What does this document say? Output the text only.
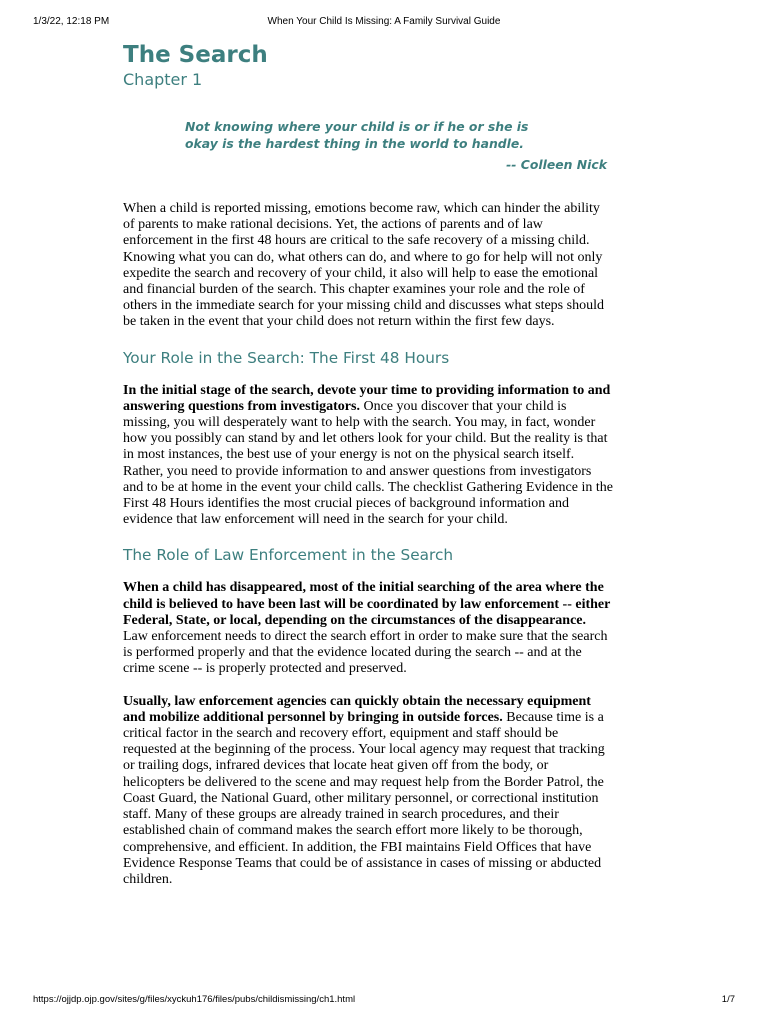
1/3/22, 12:18 PM	When Your Child Is Missing: A Family Survival Guide
The Search
Chapter 1
Not knowing where your child is or if he or she is okay is the hardest thing in the world to handle.
-- Colleen Nick

When a child is reported missing, emotions become raw, which can hinder the ability of parents to make rational decisions. Yet, the actions of parents and of law enforcement in the first 48 hours are critical to the safe recovery of a missing child. Knowing what you can do, what others can do, and where to go for help will not only expedite the search and recovery of your child, it also will help to ease the emotional and financial burden of the search. This chapter examines your role and the role of others in the immediate search for your missing child and discusses what steps should be taken in the event that your child does not return within the first few days.

Your Role in the Search: The First 48 Hours

In the initial stage of the search, devote your time to providing information to and answering questions from investigators. Once you discover that your child is missing, you will desperately want to help with the search. You may, in fact, wonder how you possibly can stand by and let others look for your child. But the reality is that in most instances, the best use of your energy is not on the physical search itself. Rather, you need to provide information to and answer questions from investigators and to be at home in the event your child calls. The checklist Gathering Evidence in the First 48 Hours identifies the most crucial pieces of background information and evidence that law enforcement will need in the search for your child.

The Role of Law Enforcement in the Search

When a child has disappeared, most of the initial searching of the area where the child is believed to have been last will be coordinated by law enforcement -- either Federal, State, or local, depending on the circumstances of the disappearance. Law enforcement needs to direct the search effort in order to make sure that the search is performed properly and that the evidence located during the search -- and at the crime scene -- is properly protected and preserved.

Usually, law enforcement agencies can quickly obtain the necessary equipment and mobilize additional personnel by bringing in outside forces. Because time is a critical factor in the search and recovery effort, equipment and staff should be requested at the beginning of the process. Your local agency may request that tracking or trailing dogs, infrared devices that locate heat given off from the body, or helicopters be delivered to the scene and may request help from the Border Patrol, the Coast Guard, the National Guard, other military personnel, or correctional institution staff. Many of these groups are already trained in search procedures, and their established chain of command makes the search effort more likely to be thorough, comprehensive, and efficient. In addition, the FBI maintains Field Offices that have Evidence Response Teams that could be of assistance in cases of missing or abducted children.

https://ojjdp.ojp.gov/sites/g/files/xyckuh176/files/pubs/childismissing/ch1.html	1/7
